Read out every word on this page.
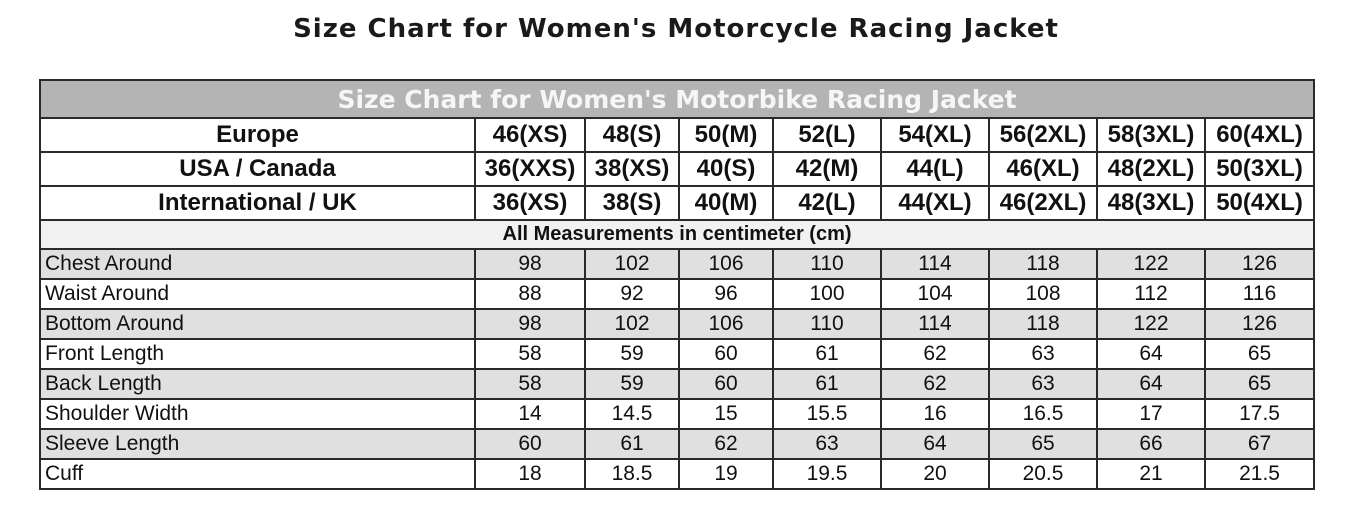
Size Chart for Women's Motorcycle Racing Jacket
Size Chart for Women's Motorbike Racing Jacket								
Europe	46(XS)	48(S)	50(M)	52(L)	54(XL)	56(2XL)	58(3XL)	60(4XL)
USA / Canada	36(XXS)	38(XS)	40(S)	42(M)	44(L)	46(XL)	48(2XL)	50(3XL)
International / UK	36(XS)	38(S)	40(M)	42(L)	44(XL)	46(2XL)	48(3XL)	50(4XL)
All Measurements in centimeter (cm)								
Chest Around	98	102	106	110	114	118	122	126
Waist Around	88	92	96	100	104	108	112	116
Bottom Around	98	102	106	110	114	118	122	126
Front Length	58	59	60	61	62	63	64	65
Back Length	58	59	60	61	62	63	64	65
Shoulder Width	14	14.5	15	15.5	16	16.5	17	17.5
Sleeve Length	60	61	62	63	64	65	66	67
Cuff	18	18.5	19	19.5	20	20.5	21	21.5
